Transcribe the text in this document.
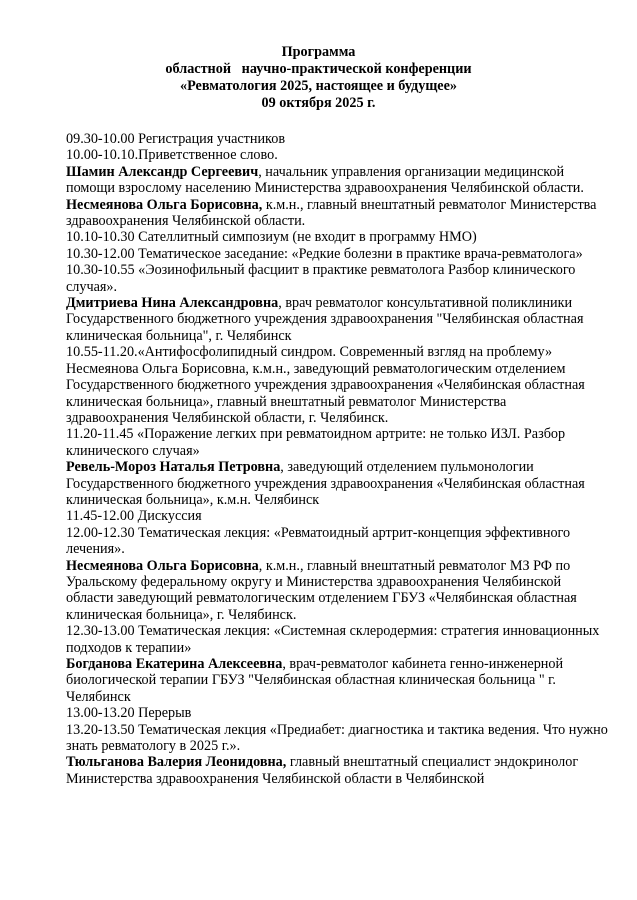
Программа
областной   научно-практической конференции
«Ревматология 2025, настоящее и будущее»
09 октября 2025 г.

09.30-10.00 Регистрация участников

10.00-10.10.Приветственное слово.

Шамин Александр Сергеевич, начальник управления организации медицинской помощи взрослому населению Министерства здравоохранения Челябинской области.

Несмеянова Ольга Борисовна, к.м.н., главный внештатный ревматолог Министерства здравоохранения Челябинской области.

10.10-10.30 Сателлитный симпозиум (не входит в программу НМО)

10.30-12.00 Тематическое заседание: «Редкие болезни в практике врача-ревматолога»

10.30-10.55 «Эозинофильный фасциит в практике ревматолога Разбор клинического случая».

Дмитриева Нина Александровна, врач ревматолог консультативной поликлиники Государственного бюджетного учреждения здравоохранения "Челябинская областная клиническая больница", г. Челябинск

10.55-11.20.«Антифосфолипидный синдром. Современный взгляд на проблему»

Несмеянова Ольга Борисовна, к.м.н., заведующий ревматологическим отделением Государственного бюджетного учреждения здравоохранения «Челябинская областная клиническая больница», главный внештатный ревматолог Министерства здравоохранения Челябинской области, г. Челябинск.

11.20-11.45 «Поражение легких при ревматоидном артрите: не только ИЗЛ. Разбор клинического случая»

Ревель-Мороз Наталья Петровна, заведующий отделением пульмонологии Государственного бюджетного учреждения здравоохранения «Челябинская областная клиническая больница», к.м.н. Челябинск

11.45-12.00 Дискуссия

12.00-12.30 Тематическая лекция: «Ревматоидный артрит-концепция эффективного лечения».

Несмеянова Ольга Борисовна, к.м.н., главный внештатный ревматолог МЗ РФ по Уральскому федеральному округу и Министерства здравоохранения Челябинской области заведующий ревматологическим отделением ГБУЗ «Челябинская областная клиническая больница», г. Челябинск.

12.30-13.00 Тематическая лекция: «Системная склеродермия: стратегия инновационных подходов к терапии»

Богданова Екатерина Алексеевна, врач-ревматолог кабинета генно-инженерной биологической терапии ГБУЗ "Челябинская областная клиническая больница " г. Челябинск

13.00-13.20 Перерыв

13.20-13.50 Тематическая лекция «Предиабет: диагностика и тактика ведения. Что нужно знать ревматологу в 2025 г.».

Тюльганова Валерия Леонидовна, главный внештатный специалист эндокринолог Министерства здравоохранения Челябинской области в Челябинской
